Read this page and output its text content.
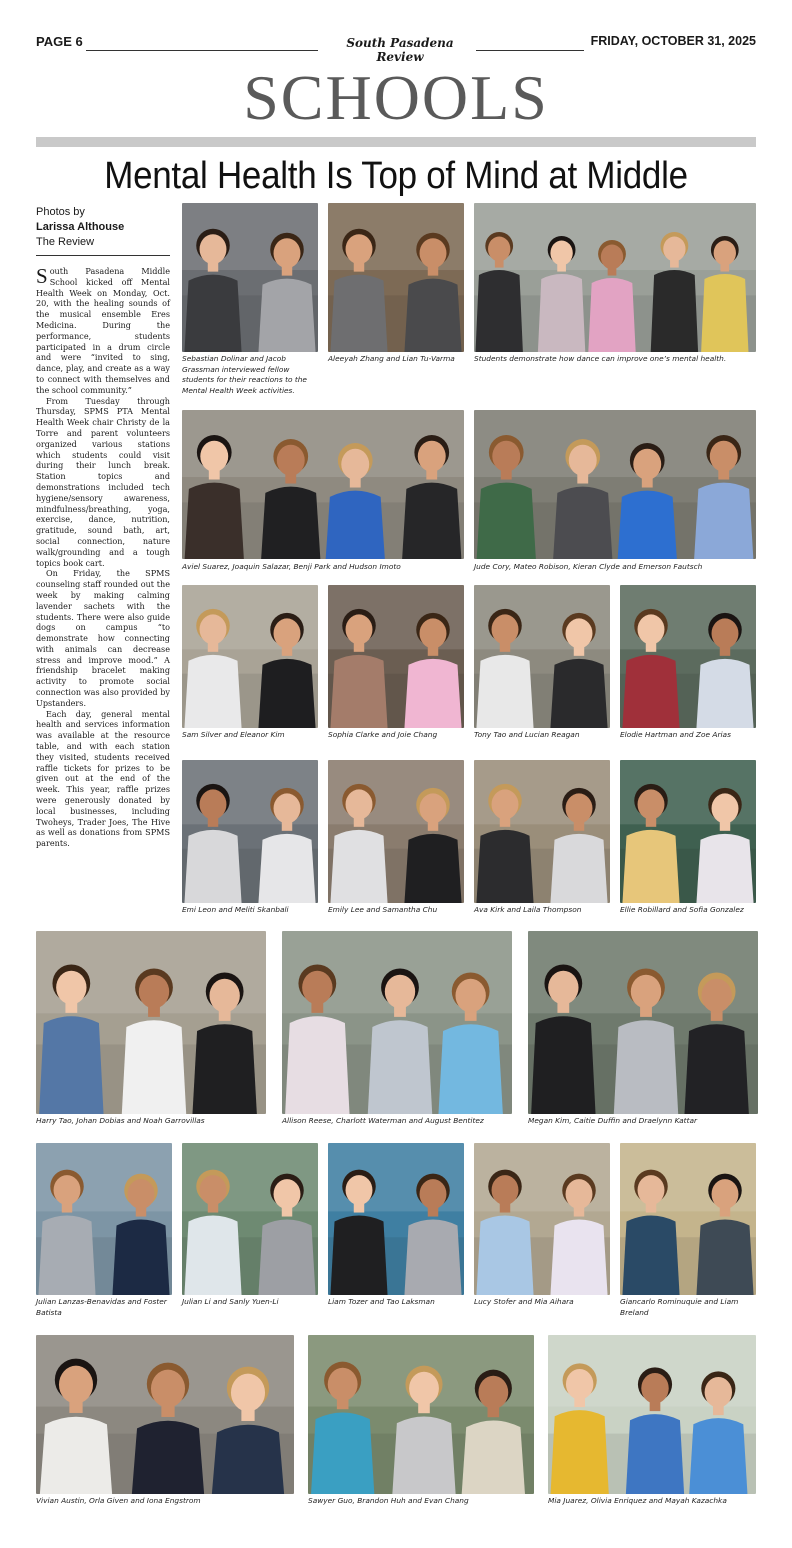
PAGE 6	South Pasadena Review
FRIDAY, OCTOBER 31, 2025
SCHOOLS
Mental Health Is Top of Mind at Middle
Photos by
Larissa Althouse
The Review

South Pasadena Middle School kicked off Mental Health Week on Monday, Oct. 20, with the healing sounds of the musical ensemble Eres Medicina. During the performance, students participated in a drum circle and were “invited to sing, dance, play, and create as a way to connect with themselves and the school community.”

From Tuesday through Thursday, SPMS PTA Mental Health Week chair Christy de la Torre and parent volunteers organized various stations which students could visit during their lunch break. Station topics and demonstrations included tech hygiene/sensory awareness, mindfulness/breathing, yoga, exercise, dance, nutrition, gratitude, sound bath, art, social connection, nature walk/grounding and a tough topics book cart.

On Friday, the SPMS counseling staff rounded out the week by making calming lavender sachets with the students. There were also guide dogs on campus “to demonstrate how connecting with animals can decrease stress and improve mood.” A friendship bracelet making activity to promote social connection was also provided by Upstanders.

Each day, general mental health and services information was available at the resource table, and with each station they visited, students received raffle tickets for prizes to be given out at the end of the week. This year, raffle prizes were generously donated by local businesses, including Twoheys, Trader Joes, The Hive as well as donations from SPMS parents.

Sebastian Dolinar and Jacob Grassman interviewed fellow students for their reactions to the Mental Health Week activities.
Aleeyah Zhang and Lian Tu-Varma	Students demonstrate how dance can improve one’s mental health.
Aviel Suarez, Joaquin Salazar, Benji Park and Hudson Imoto	Jude Cory, Mateo Robison, Kieran Clyde and Emerson Fautsch
Sam Silver and Eleanor Kim	Sophia Clarke and Joie Chang	Tony Tao and Lucian Reagan	Elodie Hartman and Zoe Arias
Emi Leon and Meliti Skanbali	Emily Lee and Samantha Chu	Ava Kirk and Laila Thompson	Ellie Robillard and Sofia Gonzalez
Harry Tao, Johan Dobias and Noah Garrovillas	Allison Reese, Charlott Waterman and August Bentitez	Megan Kim, Caitie Duffin and Draelynn Kattar
Julian Lanzas-Benavidas and Foster Batista
Julian Li and Sanly Yuen-Li	Liam Tozer and Tao Laksman	Lucy Stofer and Mia Aihara	Giancarlo Rominuquie and Liam Breland
Vivian Austin, Orla Given and Iona Engstrom	Sawyer Guo, Brandon Huh and Evan Chang	Mia Juarez, Olivia Enriquez and Mayah Kazachka
